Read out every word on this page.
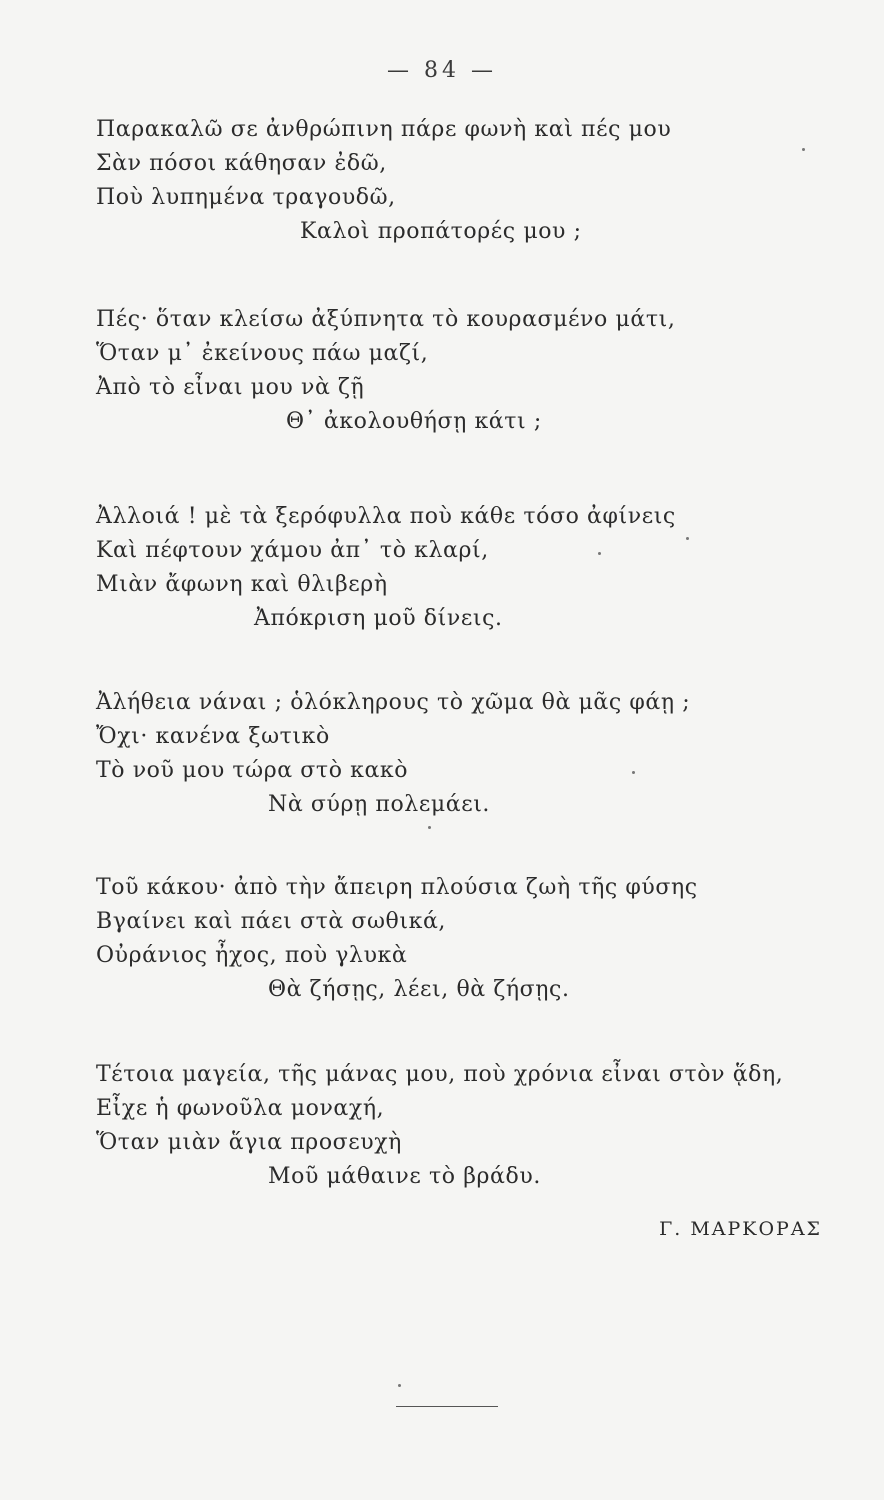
— 84 —
Παρακαλῶ σε ἀνθρώπινη πάρε φωνὴ καὶ πές μου
Σὰν πόσοι κάθησαν ἐδῶ,
Ποὺ λυπημένα τραγουδῶ,
Καλοὶ προπάτορές μου ;
Πές· ὅταν κλείσω ἀξύπνητα τὸ κουρασμένο μάτι,
Ὅταν μ᾽ ἐκείνους πάω μαζί,
Ἀπὸ τὸ εἶναι μου νὰ ζῇ
Θ᾽ ἀκολουθήσῃ κάτι ;
Ἀλλοιά ! μὲ τὰ ξερόφυλλα ποὺ κάθε τόσο ἀφίνεις
Καὶ πέφτουν χάμου ἀπ᾽ τὸ κλαρί,
Μιὰν ἄφωνη καὶ θλιβερὴ
Ἀπόκριση μοῦ δίνεις.
Ἀλήθεια νάναι ; ὁλόκληρους τὸ χῶμα θὰ μᾶς φάῃ ;
Ὄχι· κανένα ξωτικὸ
Τὸ νοῦ μου τώρα στὸ κακὸ
Νὰ σύρῃ πολεμάει.
Τοῦ κάκου· ἀπὸ τὴν ἄπειρη πλούσια ζωὴ τῆς φύσης
Βγαίνει καὶ πάει στὰ σωθικά,
Οὐράνιος ἦχος, ποὺ γλυκὰ
Θὰ ζήσῃς, λέει, θὰ ζήσῃς.
Τέτοια μαγεία, τῆς μάνας μου, ποὺ χρόνια εἶναι στὸν ᾅδη,
Εἶχε ἡ φωνοῦλα μοναχή,
Ὅταν μιὰν ἅγια προσευχὴ
Μοῦ μάθαινε τὸ βράδυ.
Γ. ΜΑΡΚΟΡΑΣ
